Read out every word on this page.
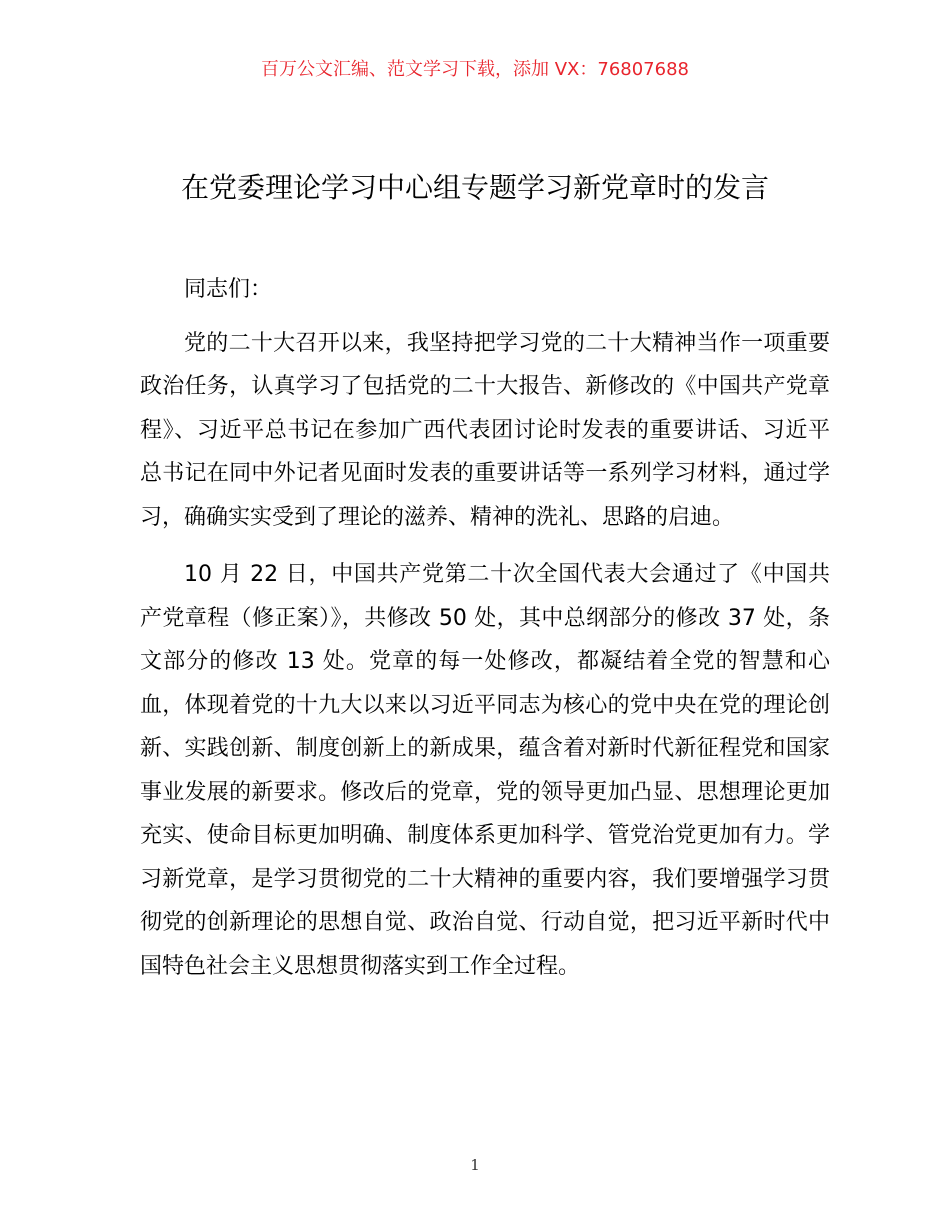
百万公文汇编、范文学习下载，添加 VX：76807688
在党委理论学习中心组专题学习新党章时的发言

同志们：

党的二十大召开以来，我坚持把学习党的二十大精神当作一项重要政治任务，认真学习了包括党的二十大报告、新修改的《中国共产党章程》、习近平总书记在参加广西代表团讨论时发表的重要讲话、习近平总书记在同中外记者见面时发表的重要讲话等一系列学习材料，通过学习，确确实实受到了理论的滋养、精神的洗礼、思路的启迪。

10 月 22 日，中国共产党第二十次全国代表大会通过了《中国共产党章程（修正案）》，共修改 50 处，其中总纲部分的修改 37 处，条文部分的修改 13 处。党章的每一处修改，都凝结着全党的智慧和心血，体现着党的十九大以来以习近平同志为核心的党中央在党的理论创新、实践创新、制度创新上的新成果，蕴含着对新时代新征程党和国家事业发展的新要求。修改后的党章，党的领导更加凸显、思想理论更加充实、使命目标更加明确、制度体系更加科学、管党治党更加有力。学习新党章，是学习贯彻党的二十大精神的重要内容，我们要增强学习贯彻党的创新理论的思想自觉、政治自觉、行动自觉，把习近平新时代中国特色社会主义思想贯彻落实到工作全过程。

1
